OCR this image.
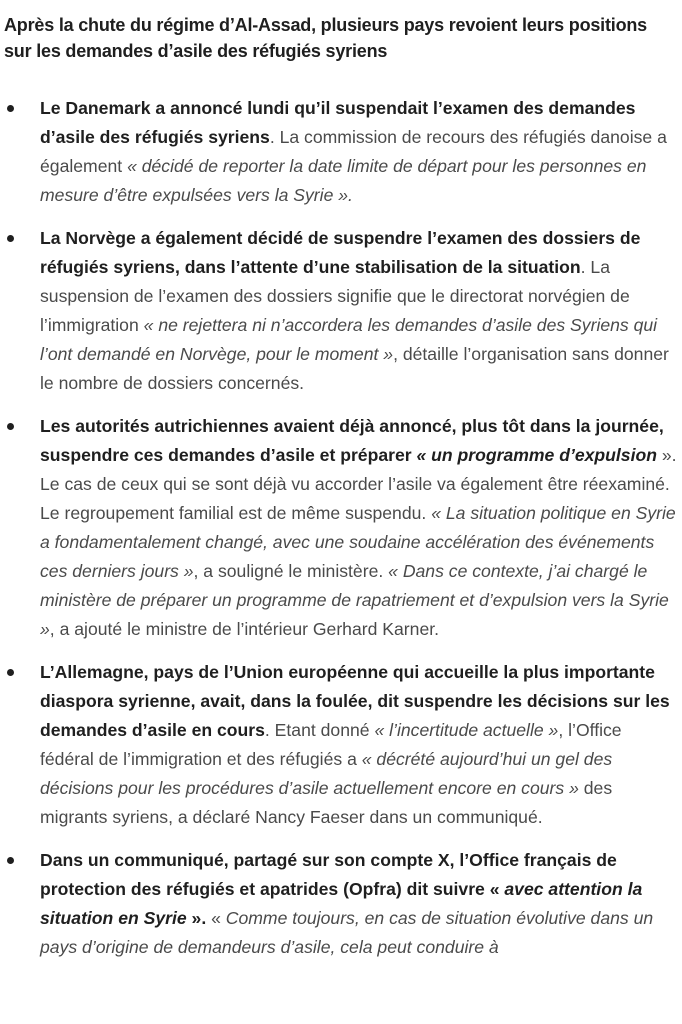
Après la chute du régime d’Al-Assad, plusieurs pays revoient leurs positions sur les demandes d’asile des réfugiés syriens
Le Danemark a annoncé lundi qu’il suspendait l’examen des demandes d’asile des réfugiés syriens. La commission de recours des réfugiés danoise a également « décidé de reporter la date limite de départ pour les personnes en mesure d’être expulsées vers la Syrie ».
La Norvège a également décidé de suspendre l’examen des dossiers de réfugiés syriens, dans l’attente d’une stabilisation de la situation. La suspension de l’examen des dossiers signifie que le directorat norvégien de l’immigration « ne rejettera ni n’accordera les demandes d’asile des Syriens qui l’ont demandé en Norvège, pour le moment », détaille l’organisation sans donner le nombre de dossiers concernés.
Les autorités autrichiennes avaient déjà annoncé, plus tôt dans la journée, suspendre ces demandes d’asile et préparer « un programme d’expulsion ». Le cas de ceux qui se sont déjà vu accorder l’asile va également être réexaminé. Le regroupement familial est de même suspendu. « La situation politique en Syrie a fondamentalement changé, avec une soudaine accélération des événements ces derniers jours », a souligné le ministère. « Dans ce contexte, j’ai chargé le ministère de préparer un programme de rapatriement et d’expulsion vers la Syrie », a ajouté le ministre de l’intérieur Gerhard Karner.
L’Allemagne, pays de l’Union européenne qui accueille la plus importante diaspora syrienne, avait, dans la foulée, dit suspendre les décisions sur les demandes d’asile en cours. Etant donné « l’incertitude actuelle », l’Office fédéral de l’immigration et des réfugiés a « décrété aujourd’hui un gel des décisions pour les procédures d’asile actuellement encore en cours » des migrants syriens, a déclaré Nancy Faeser dans un communiqué.
Dans un communiqué, partagé sur son compte X, l’Office français de protection des réfugiés et apatrides (Opfra) dit suivre « avec attention la situation en Syrie ». « Comme toujours, en cas de situation évolutive dans un pays d’origine de demandeurs d’asile, cela peut conduire à
